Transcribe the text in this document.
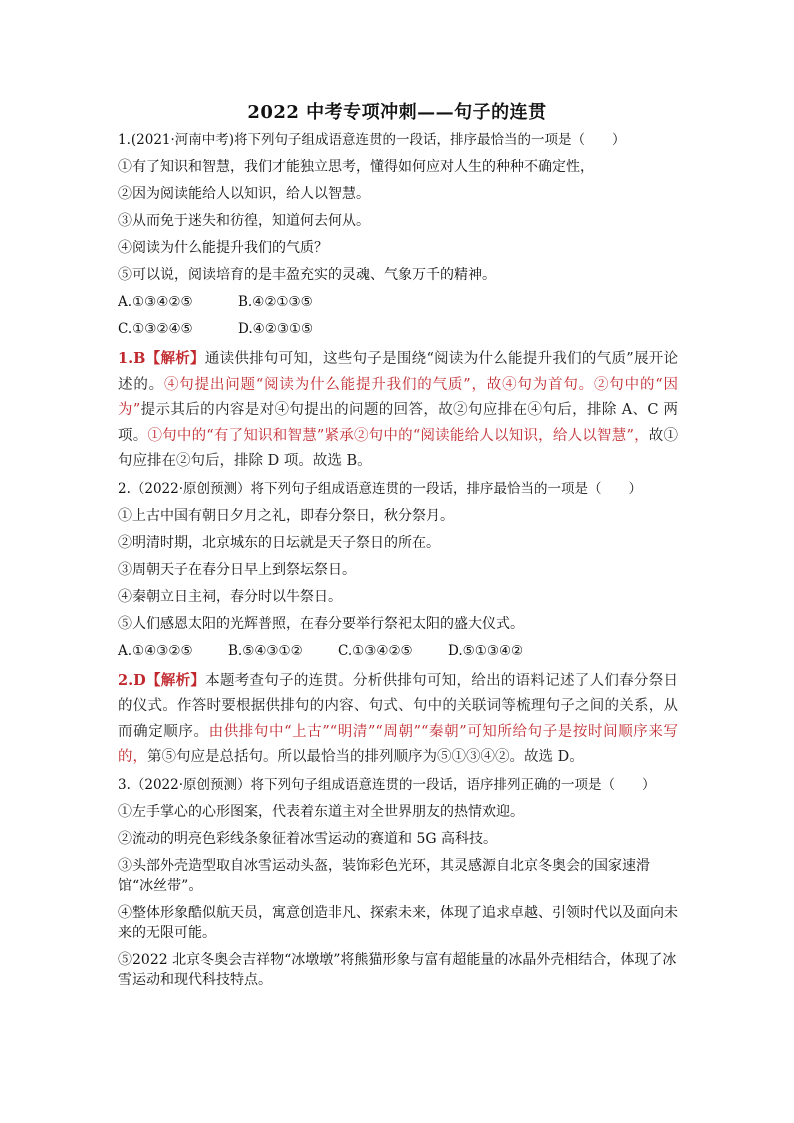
2022 中考专项冲刺——句子的连贯
1.(2021·河南中考)将下列句子组成语意连贯的一段话，排序最恰当的一项是（　　）
①有了知识和智慧，我们才能独立思考，懂得如何应对人生的种种不确定性，
②因为阅读能给人以知识，给人以智慧。
③从而免于迷失和彷徨，知道何去何从。
④阅读为什么能提升我们的气质？
⑤可以说，阅读培育的是丰盈充实的灵魂、气象万千的精神。
A.①③④②⑤	B.④②①③⑤
C.①③②④⑤	D.④②③①⑤
1.B【解析】通读供排句可知，这些句子是围绕“阅读为什么能提升我们的气质”展开论述的。④句提出问题“阅读为什么能提升我们的气质”，故④句为首句。②句中的“因为”提示其后的内容是对④句提出的问题的回答，故②句应排在④句后，排除 A、C 两项。①句中的“有了知识和智慧”紧承②句中的“阅读能给人以知识，给人以智慧”，故①句应排在②句后，排除 D 项。故选 B。
2.（2022·原创预测）将下列句子组成语意连贯的一段话，排序最恰当的一项是（　　）
①上古中国有朝日夕月之礼，即春分祭日，秋分祭月。
②明清时期，北京城东的日坛就是天子祭日的所在。
③周朝天子在春分日早上到祭坛祭日。
④秦朝立日主祠，春分时以牛祭日。
⑤人们感恩太阳的光辉普照，在春分要举行祭祀太阳的盛大仪式。
A.①④③②⑤	B.⑤④③①②	C.①③④②⑤	D.⑤①③④②
2.D【解析】本题考查句子的连贯。分析供排句可知，给出的语料记述了人们春分祭日的仪式。作答时要根据供排句的内容、句式、句中的关联词等梳理句子之间的关系，从而确定顺序。由供排句中“上古”“明清”“周朝”“秦朝”可知所给句子是按时间顺序来写的，第⑤句应是总括句。所以最恰当的排列顺序为⑤①③④②。故选 D。
3.（2022·原创预测）将下列句子组成语意连贯的一段话，语序排列正确的一项是（　　）
①左手掌心的心形图案，代表着东道主对全世界朋友的热情欢迎。
②流动的明亮色彩线条象征着冰雪运动的赛道和 5G 高科技。
③头部外壳造型取自冰雪运动头盔，装饰彩色光环，其灵感源自北京冬奥会的国家速滑馆“冰丝带”。
④整体形象酷似航天员，寓意创造非凡、探索未来，体现了追求卓越、引领时代以及面向未来的无限可能。
⑤2022 北京冬奥会吉祥物“冰墩墩”将熊猫形象与富有超能量的冰晶外壳相结合，体现了冰雪运动和现代科技特点。
